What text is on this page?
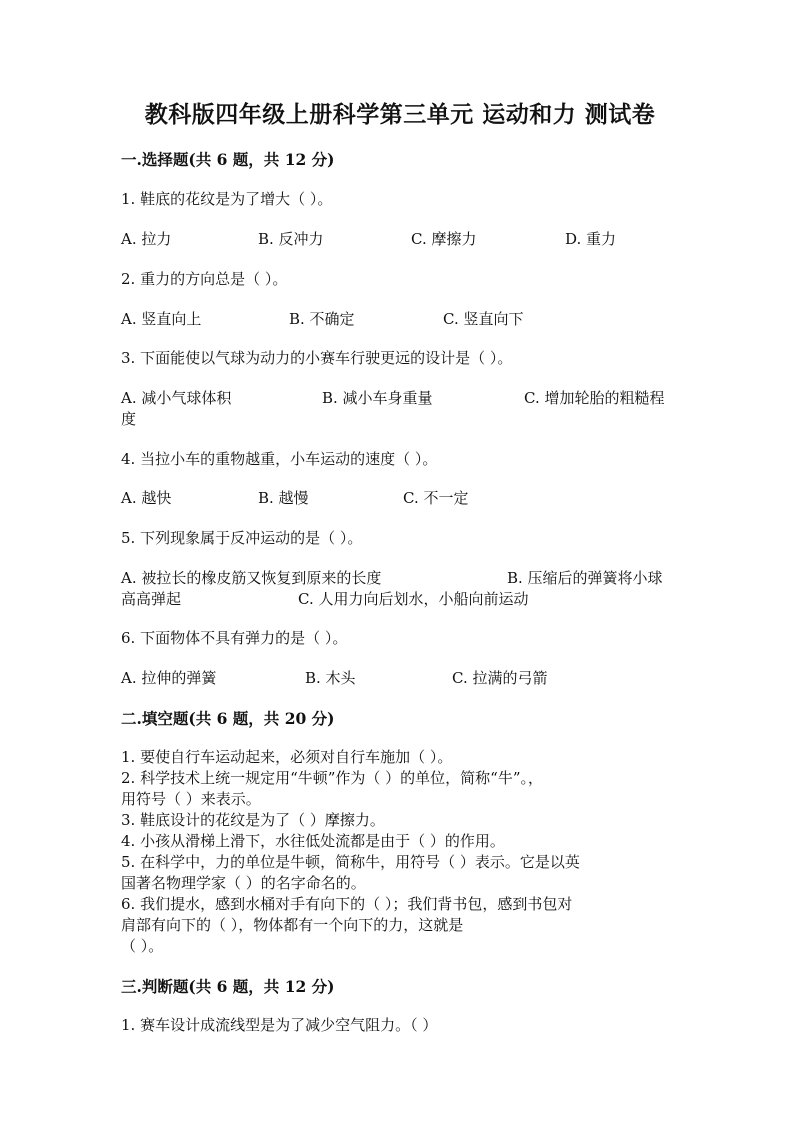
教科版四年级上册科学第三单元 运动和力 测试卷
一.选择题(共 6 题，共 12 分)
1. 鞋底的花纹是为了增大（ ）。
A. 拉力	B. 反冲力	C. 摩擦力	D. 重力
2. 重力的方向总是（ ）。
A. 竖直向上	B. 不确定	C. 竖直向下
3. 下面能使以气球为动力的小赛车行驶更远的设计是（ ）。
A. 减小气球体积	B. 减小车身重量	C. 增加轮胎的粗糙程
度
4. 当拉小车的重物越重，小车运动的速度（ ）。
A. 越快	B. 越慢	C. 不一定
5. 下列现象属于反冲运动的是（ ）。
A. 被拉长的橡皮筋又恢复到原来的长度	B. 压缩后的弹簧将小球
高高弹起	C. 人用力向后划水，小船向前运动
6. 下面物体不具有弹力的是（ ）。
A. 拉伸的弹簧	B. 木头	C. 拉满的弓箭
二.填空题(共 6 题，共 20 分)
1. 要使自行车运动起来，必须对自行车施加（ ）。
2. 科学技术上统一规定用“牛顿”作为（ ）的单位，简称“牛”。，
用符号（ ）来表示。
3. 鞋底设计的花纹是为了（ ）摩擦力。
4. 小孩从滑梯上滑下，水往低处流都是由于（ ）的作用。
5. 在科学中，力的单位是牛顿，简称牛，用符号（ ）表示。它是以英
国著名物理学家（ ）的名字命名的。
6. 我们提水，感到水桶对手有向下的（ ）；我们背书包，感到书包对
肩部有向下的（ ），物体都有一个向下的力，这就是
（ ）。
三.判断题(共 6 题，共 12 分)
1. 赛车设计成流线型是为了减少空气阻力。（ ）
